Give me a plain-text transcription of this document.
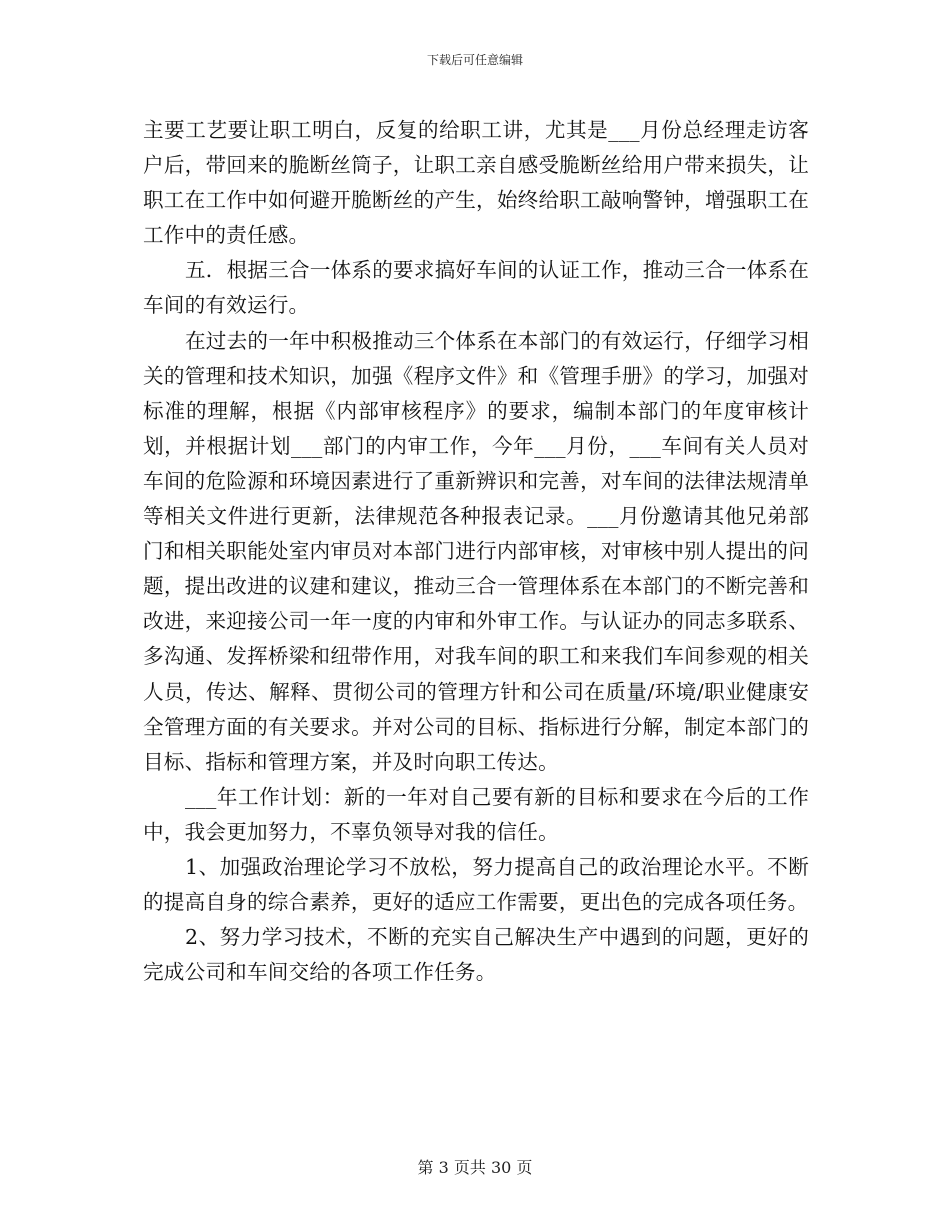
下载后可任意编辑

主要工艺要让职工明白，反复的给职工讲，尤其是___月份总经理走访客户后，带回来的脆断丝筒子，让职工亲自感受脆断丝给用户带来损失，让职工在工作中如何避开脆断丝的产生，始终给职工敲响警钟，增强职工在工作中的责任感。

五．根据三合一体系的要求搞好车间的认证工作，推动三合一体系在车间的有效运行。

在过去的一年中积极推动三个体系在本部门的有效运行，仔细学习相关的管理和技术知识，加强《程序文件》和《管理手册》的学习，加强对标准的理解，根据《内部审核程序》的要求，编制本部门的年度审核计划，并根据计划___部门的内审工作，今年___月份，___车间有关人员对车间的危险源和环境因素进行了重新辨识和完善，对车间的法律法规清单等相关文件进行更新，法律规范各种报表记录。___月份邀请其他兄弟部门和相关职能处室内审员对本部门进行内部审核，对审核中别人提出的问题，提出改进的议建和建议，推动三合一管理体系在本部门的不断完善和改进，来迎接公司一年一度的内审和外审工作。与认证办的同志多联系、多沟通、发挥桥梁和纽带作用，对我车间的职工和来我们车间参观的相关人员，传达、解释、贯彻公司的管理方针和公司在质量/环境/职业健康安全管理方面的有关要求。并对公司的目标、指标进行分解，制定本部门的目标、指标和管理方案，并及时向职工传达。

___年工作计划：新的一年对自己要有新的目标和要求在今后的工作中，我会更加努力，不辜负领导对我的信任。

1、加强政治理论学习不放松，努力提高自己的政治理论水平。不断的提高自身的综合素养，更好的适应工作需要，更出色的完成各项任务。

2、努力学习技术，不断的充实自己解决生产中遇到的问题，更好的完成公司和车间交给的各项工作任务。

第 3 页共 30 页
